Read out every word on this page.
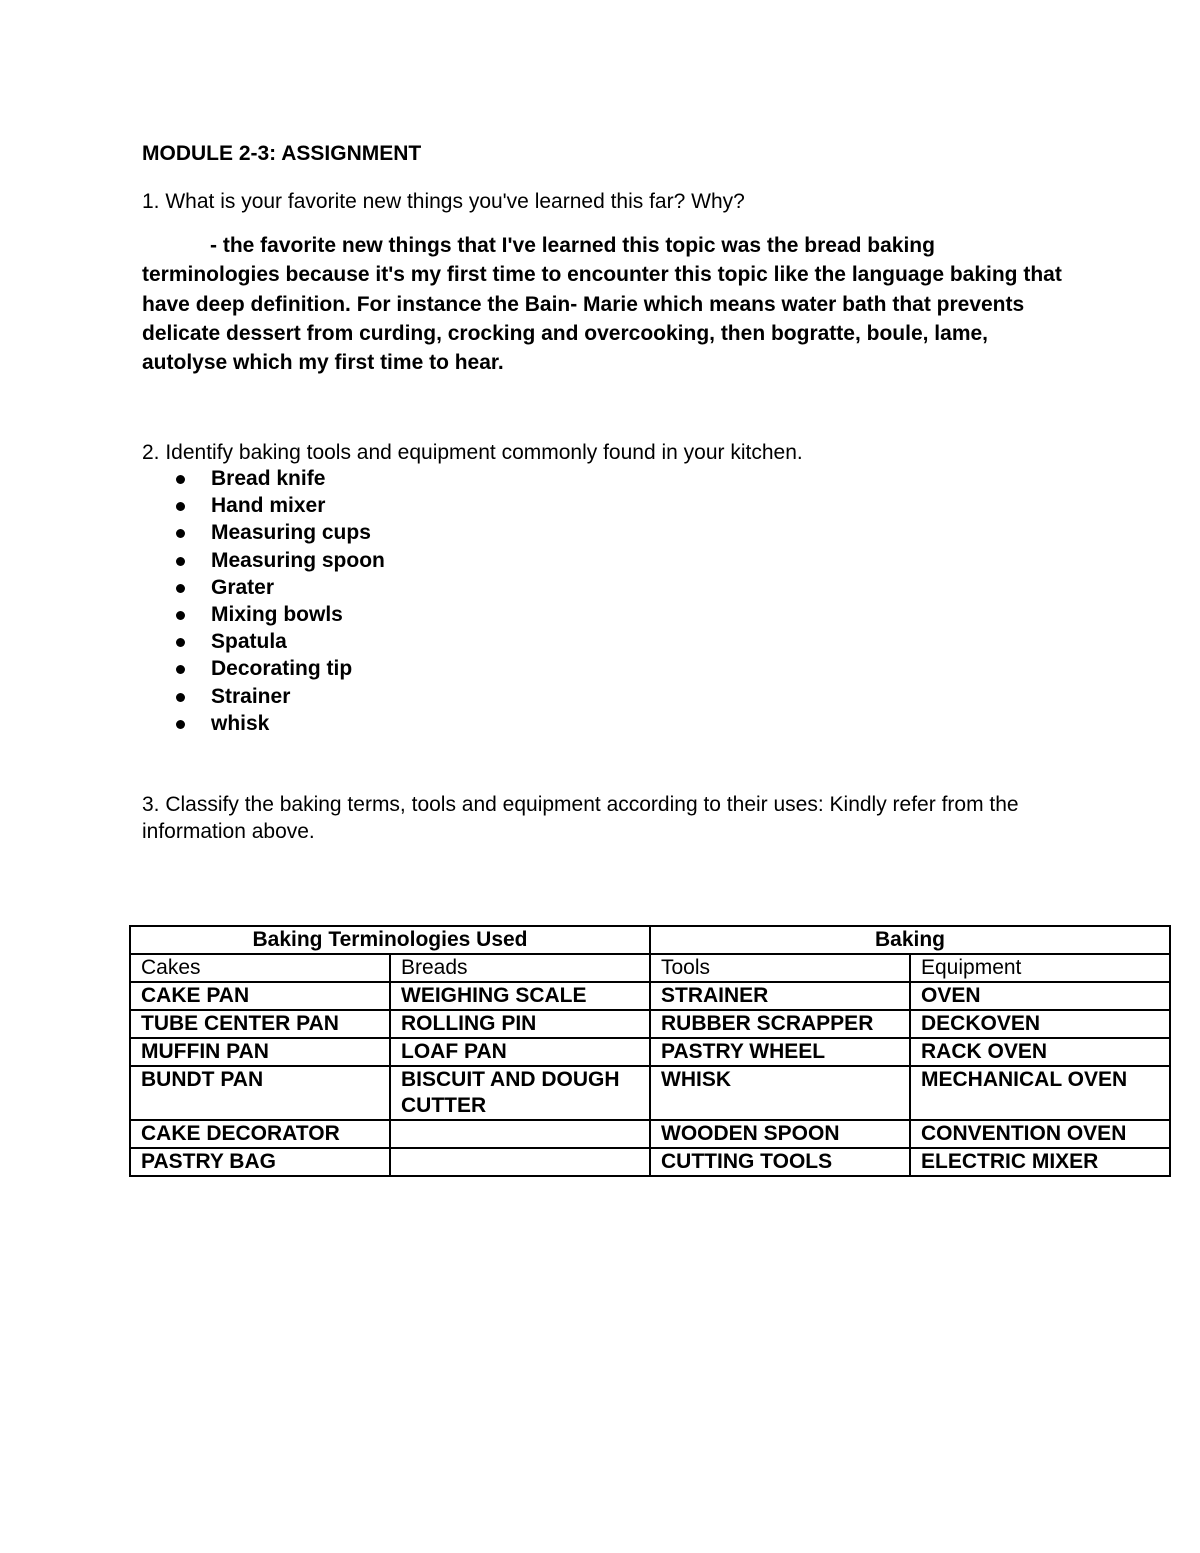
MODULE 2-3: ASSIGNMENT
1. What is your favorite new things you've learned this far? Why?
- the favorite new things that I've learned this topic was the bread baking terminologies because it's my first time to encounter this topic like the language baking that have deep definition. For instance the Bain- Marie which means water bath that prevents delicate dessert from curding, crocking and overcooking, then bogratte, boule, lame, autolyse which my first time to hear.
2. Identify baking tools and equipment commonly found in your kitchen.
Bread knife
Hand mixer
Measuring cups
Measuring spoon
Grater
Mixing bowls
Spatula
Decorating tip
Strainer
whisk
3. Classify the baking terms, tools and equipment according to their uses: Kindly refer from the information above.
Baking Terminologies Used		Baking	
Cakes	Breads	Tools	Equipment
CAKE PAN	WEIGHING SCALE	STRAINER	OVEN
TUBE CENTER PAN	ROLLING PIN	RUBBER SCRAPPER	DECKOVEN
MUFFIN PAN	LOAF PAN	PASTRY WHEEL	RACK OVEN
BUNDT PAN	BISCUIT AND DOUGH CUTTER	WHISK	MECHANICAL OVEN
CAKE DECORATOR		WOODEN SPOON	CONVENTION OVEN
PASTRY BAG		CUTTING TOOLS	ELECTRIC MIXER
